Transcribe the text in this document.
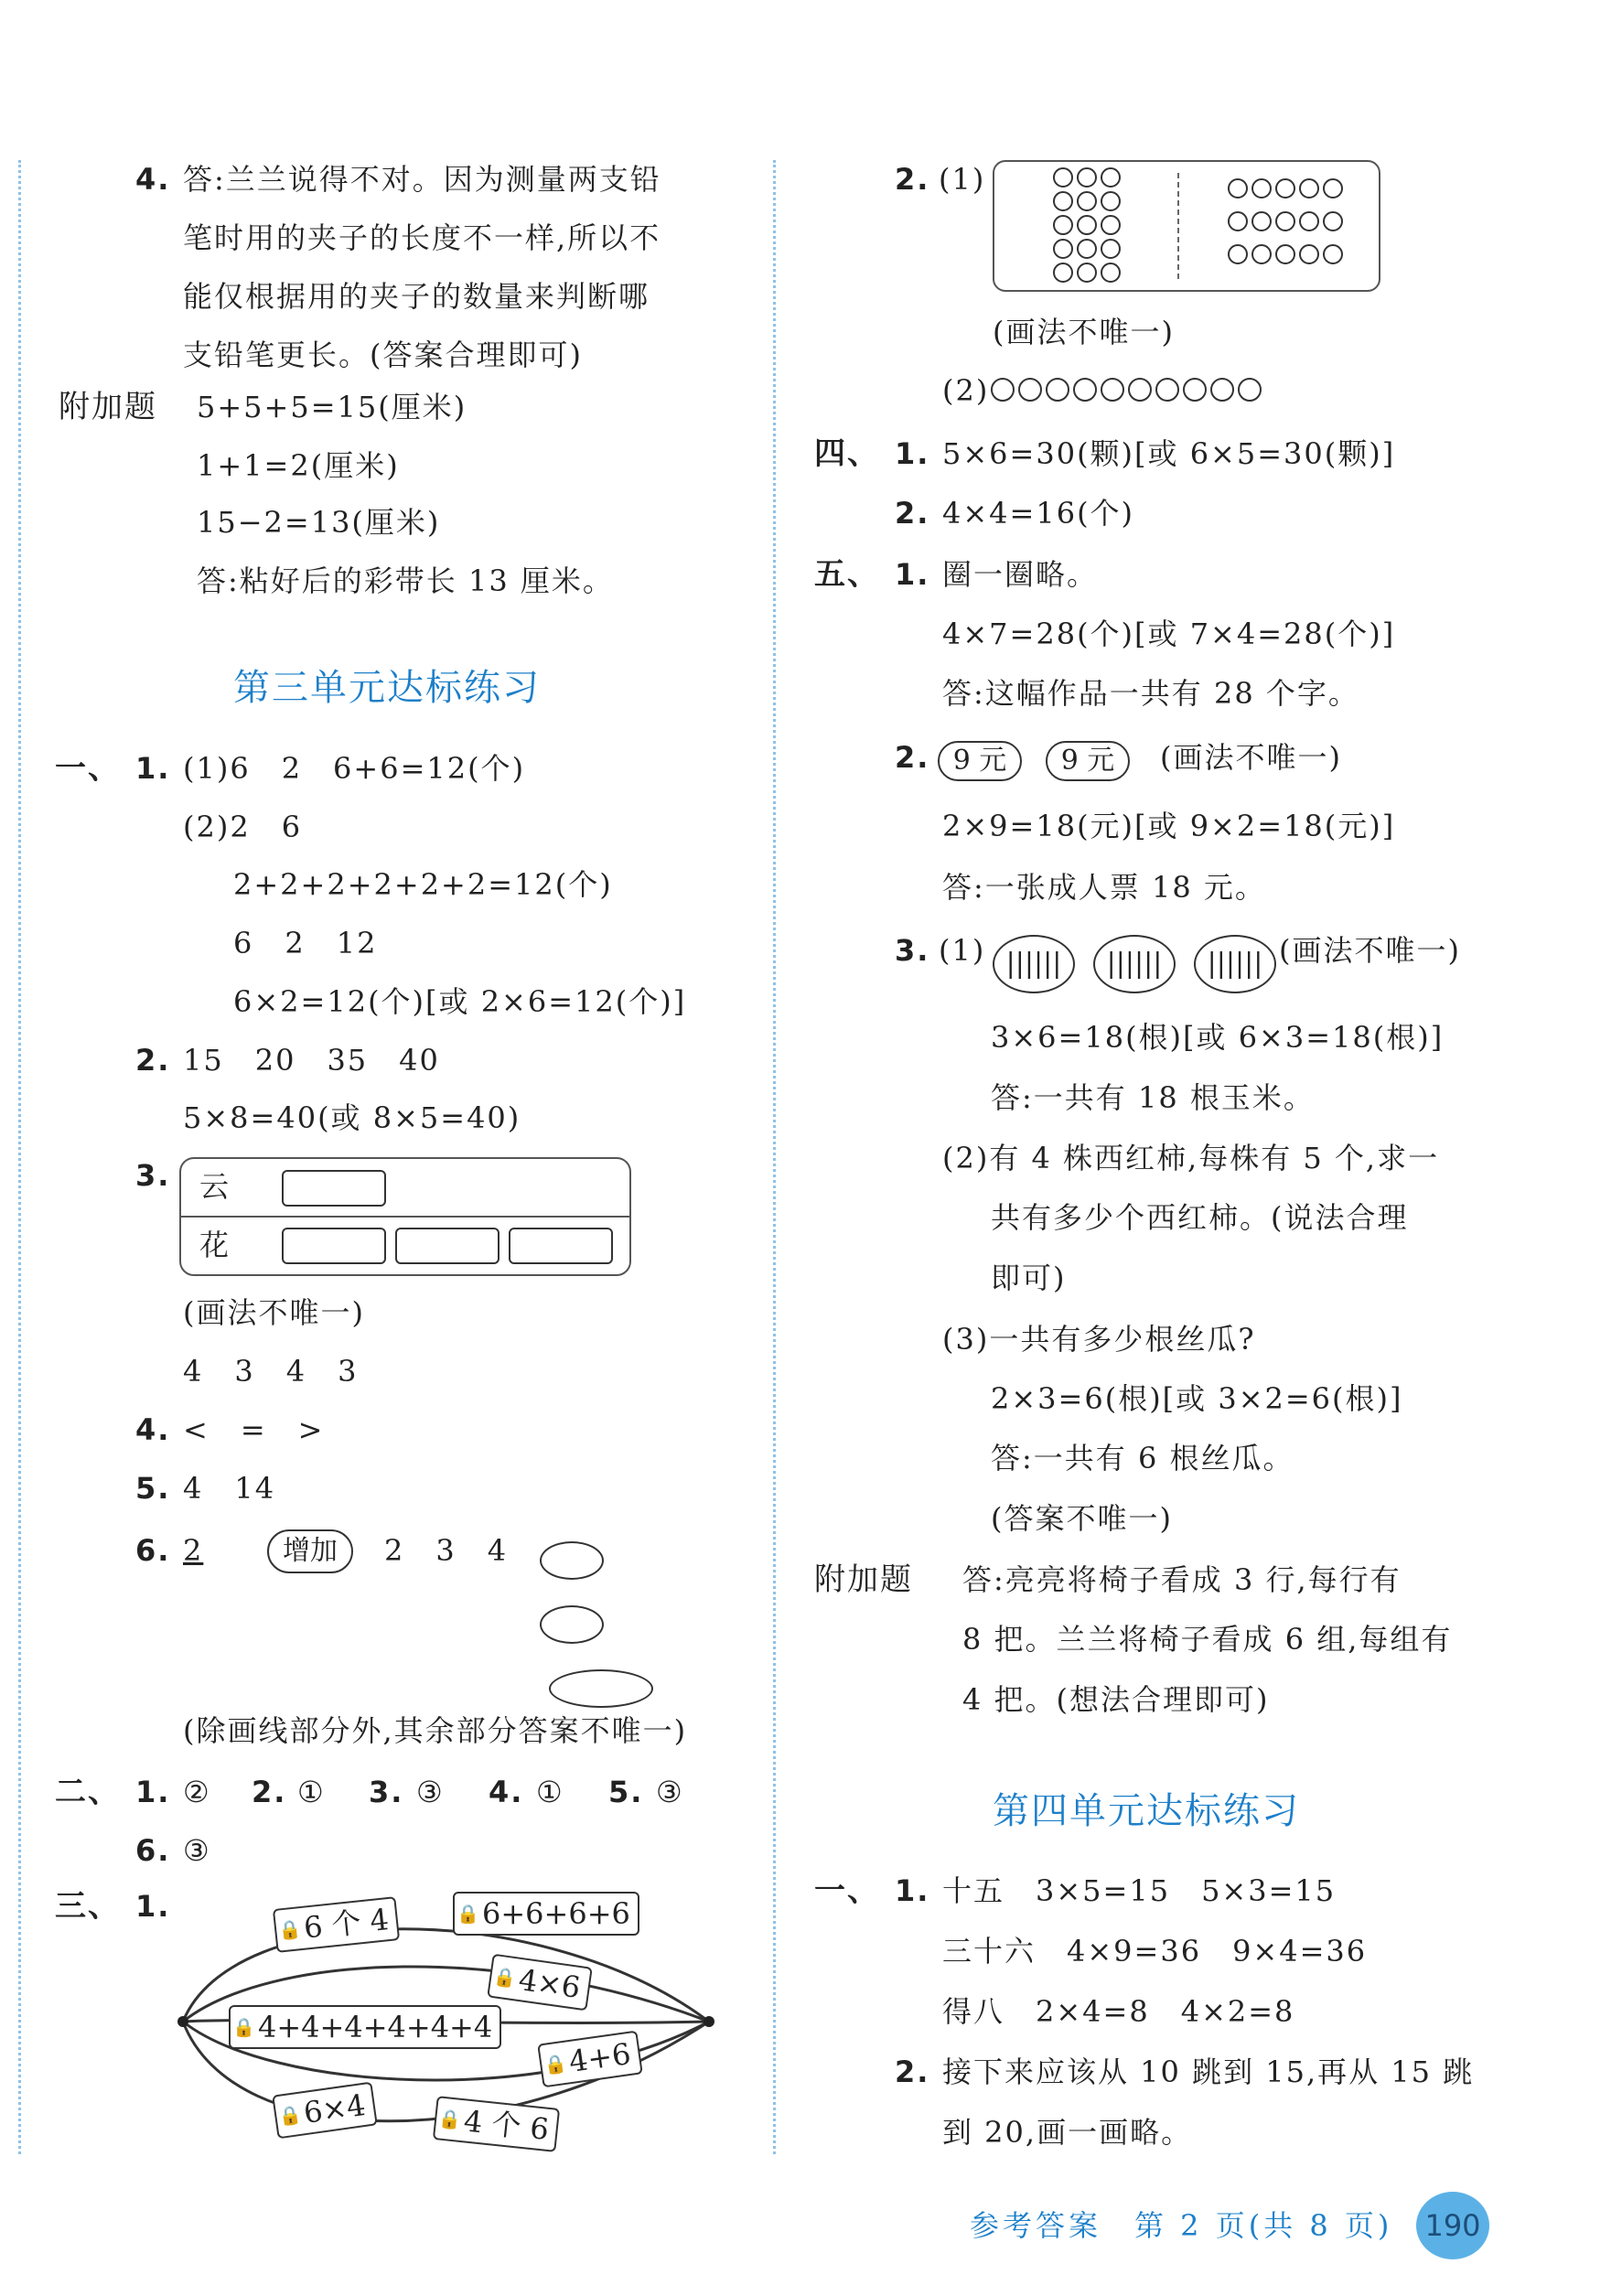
4. 答:兰兰说得不对。因为测量两支铅
笔时用的夹子的长度不一样,所以不
能仅根据用的夹子的数量来判断哪
支铅笔更长。(答案合理即可)
附加题 5+5+5=15(厘米)
1+1=2(厘米)
15−2=13(厘米)
答:粘好后的彩带长 13 厘米。
第三单元达标练习
一、 1. (1)6　2　6+6=12(个)
(2)2　6
2+2+2+2+2+2=12(个)
6　2　12
6×2=12(个)[或 2×6=12(个)]
2. 15　20　35　40
5×8=40(或 8×5=40)
3. 云
花
(画法不唯一)
4　3　4　3
4. <　=　>
5. 4　14
6. 2	增加	2　3　4
(除画线部分外,其余部分答案不唯一)
二、 1. ② 2. ① 3. ③ 4. ① 5. ③
6. ③
三、 1.	🔒 6 个 4	🔒 6+6+6+6
🔒 4×6
🔒 4+4+4+4+4+4
🔒 4+6
🔒 6×4	🔒 4 个 6
2. (1)
(画法不唯一)
(2)
四、 1. 5×6=30(颗)[或 6×5=30(颗)]
2. 4×4=16(个)
五、 1. 圈一圈略。
4×7=28(个)[或 7×4=28(个)]
答:这幅作品一共有 28 个字。
2. 9 元	9 元	(画法不唯一)
2×9=18(元)[或 9×2=18(元)]
答:一张成人票 18 元。
3. (1) ||||||	||||||	|||||| (画法不唯一)
3×6=18(根)[或 6×3=18(根)]
答:一共有 18 根玉米。
(2)有 4 株西红柿,每株有 5 个,求一
共有多少个西红柿。(说法合理
即可)
(3)一共有多少根丝瓜?
2×3=6(根)[或 3×2=6(根)]
答:一共有 6 根丝瓜。
(答案不唯一)
附加题 答:亮亮将椅子看成 3 行,每行有
8 把。兰兰将椅子看成 6 组,每组有
4 把。(想法合理即可)
第四单元达标练习
一、 1. 十五　3×5=15　5×3=15
三十六　4×9=36　9×4=36
得八　2×4=8　4×2=8
2. 接下来应该从 10 跳到 15,再从 15 跳
到 20,画一画略。
参考答案　第 2 页(共 8 页) 190
